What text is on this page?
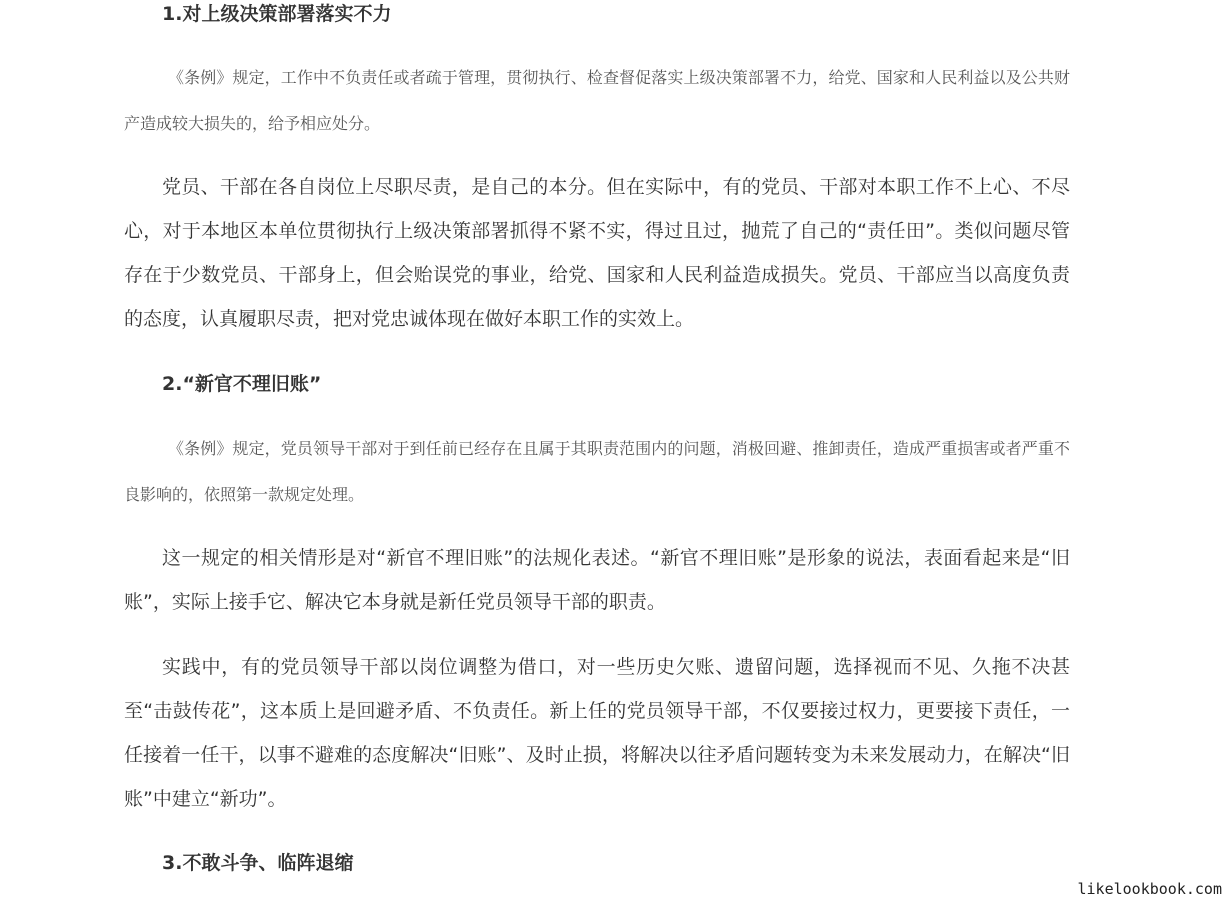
1.对上级决策部署落实不力
《条例》规定，工作中不负责任或者疏于管理，贯彻执行、检查督促落实上级决策部署不力，给党、国家和人民利益以及公共财产造成较大损失的，给予相应处分。
党员、干部在各自岗位上尽职尽责，是自己的本分。但在实际中，有的党员、干部对本职工作不上心、不尽心，对于本地区本单位贯彻执行上级决策部署抓得不紧不实，得过且过，抛荒了自己的“责任田”。类似问题尽管存在于少数党员、干部身上，但会贻误党的事业，给党、国家和人民利益造成损失。党员、干部应当以高度负责的态度，认真履职尽责，把对党忠诚体现在做好本职工作的实效上。
2.“新官不理旧账”
《条例》规定，党员领导干部对于到任前已经存在且属于其职责范围内的问题，消极回避、推卸责任，造成严重损害或者严重不良影响的，依照第一款规定处理。
这一规定的相关情形是对“新官不理旧账”的法规化表述。“新官不理旧账”是形象的说法，表面看起来是“旧账”，实际上接手它、解决它本身就是新任党员领导干部的职责。
实践中，有的党员领导干部以岗位调整为借口，对一些历史欠账、遗留问题，选择视而不见、久拖不决甚至“击鼓传花”，这本质上是回避矛盾、不负责任。新上任的党员领导干部，不仅要接过权力，更要接下责任，一任接着一任干，以事不避难的态度解决“旧账”、及时止损，将解决以往矛盾问题转变为未来发展动力，在解决“旧账”中建立“新功”。
3.不敢斗争、临阵退缩
likelookbook.com
